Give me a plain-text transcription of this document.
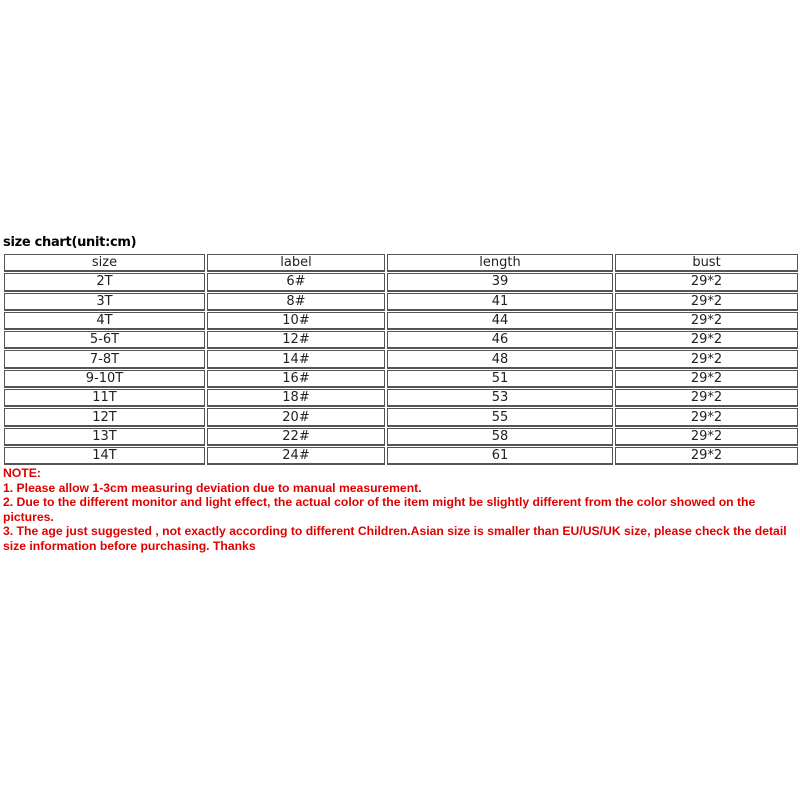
size chart(unit:cm)
size	label	length	bust
2T	6#	39	29*2
3T	8#	41	29*2
4T	10#	44	29*2
5-6T	12#	46	29*2
7-8T	14#	48	29*2
9-10T	16#	51	29*2
11T	18#	53	29*2
12T	20#	55	29*2
13T	22#	58	29*2
14T	24#	61	29*2
NOTE:
1. Please allow 1-3cm measuring deviation due to manual measurement.
2. Due to the different monitor and light effect, the actual color of the item might be slightly different from the color showed on the pictures.
3. The age just suggested , not exactly according to different Children.Asian size is smaller than EU/US/UK size, please check the detail size information before purchasing. Thanks
